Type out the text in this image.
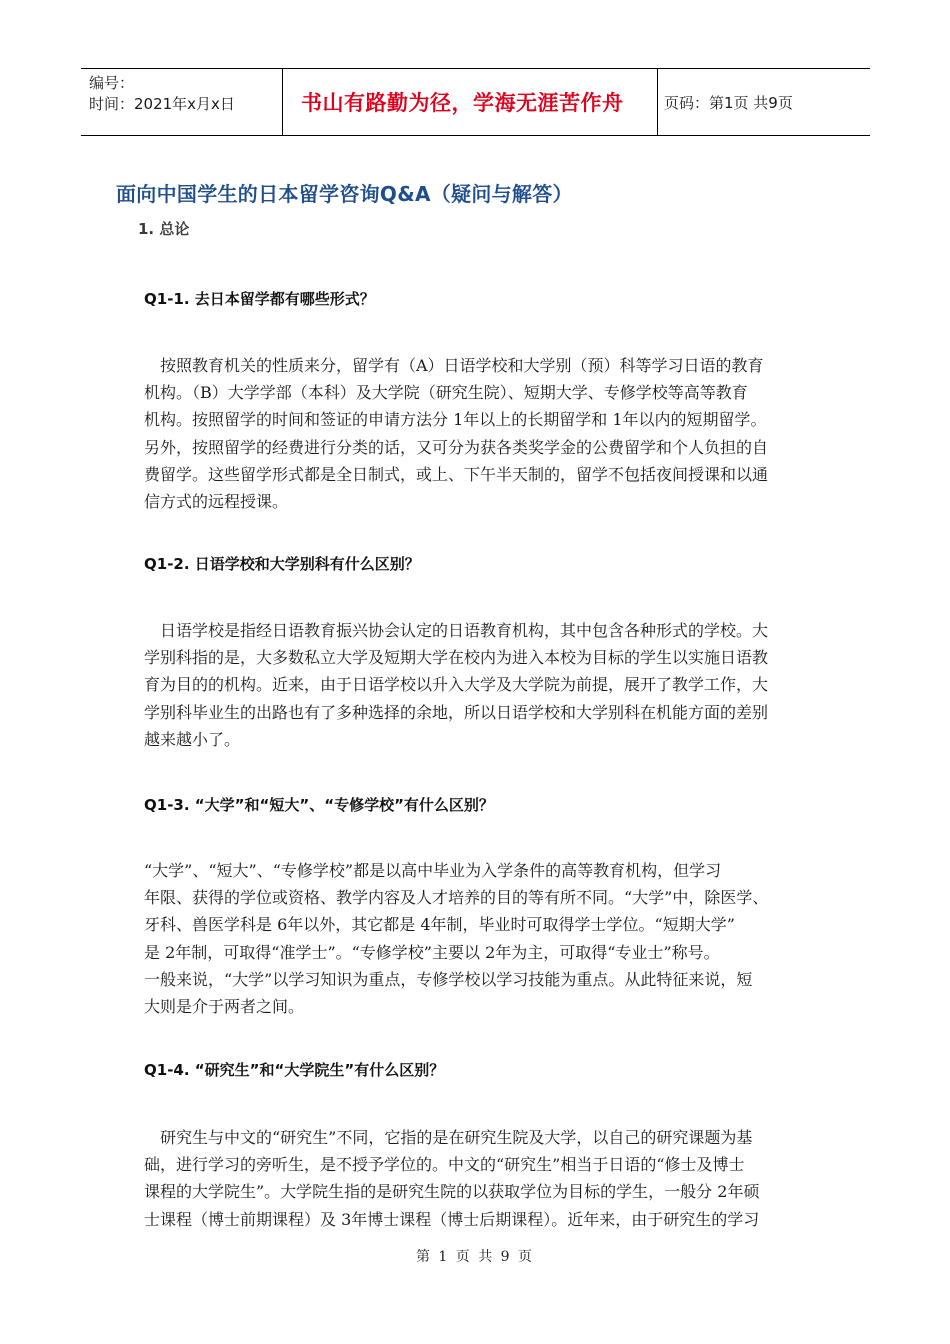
编号：
时间：2021年x月x日	书山有路勤为径，学海无涯苦作舟	页码：第1页 共9页
面向中国学生的日本留学咨询Q&A（疑问与解答）
1. 总论
Q1-1. 去日本留学都有哪些形式？
　按照教育机关的性质来分，留学有（A）日语学校和大学别（预）科等学习日语的教育
机构。（B）大学学部（本科）及大学院（研究生院）、短期大学、专修学校等高等教育
机构。按照留学的时间和签证的申请方法分 1年以上的长期留学和 1年以内的短期留学。
另外，按照留学的经费进行分类的话，又可分为获各类奖学金的公费留学和个人负担的自
费留学。这些留学形式都是全日制式，或上、下午半天制的，留学不包括夜间授课和以通
信方式的远程授课。
Q1-2. 日语学校和大学别科有什么区别？
　日语学校是指经日语教育振兴协会认定的日语教育机构，其中包含各种形式的学校。大
学别科指的是，大多数私立大学及短期大学在校内为进入本校为目标的学生以实施日语教
育为目的的机构。近来，由于日语学校以升入大学及大学院为前提，展开了教学工作，大
学别科毕业生的出路也有了多种选择的余地，所以日语学校和大学别科在机能方面的差别
越来越小了。
Q1-3. “大学”和“短大”、“专修学校”有什么区别？
“大学”、“短大”、“专修学校”都是以高中毕业为入学条件的高等教育机构，但学习
年限、获得的学位或资格、教学内容及人才培养的目的等有所不同。“大学”中，除医学、
牙科、兽医学科是 6年以外，其它都是 4年制，毕业时可取得学士学位。“短期大学”
是 2年制，可取得“准学士”。“专修学校”主要以 2年为主，可取得“专业士”称号。
一般来说，“大学”以学习知识为重点，专修学校以学习技能为重点。从此特征来说，短
大则是介于两者之间。
Q1-4. “研究生”和“大学院生”有什么区别？
　研究生与中文的“研究生”不同，它指的是在研究生院及大学，以自己的研究课题为基
础，进行学习的旁听生，是不授予学位的。中文的“研究生”相当于日语的“修士及博士
课程的大学院生”。大学院生指的是研究生院的以获取学位为目标的学生，一般分 2年硕
士课程（博士前期课程）及 3年博士课程（博士后期课程）。近年来，由于研究生的学习
第 1 页 共 9 页
